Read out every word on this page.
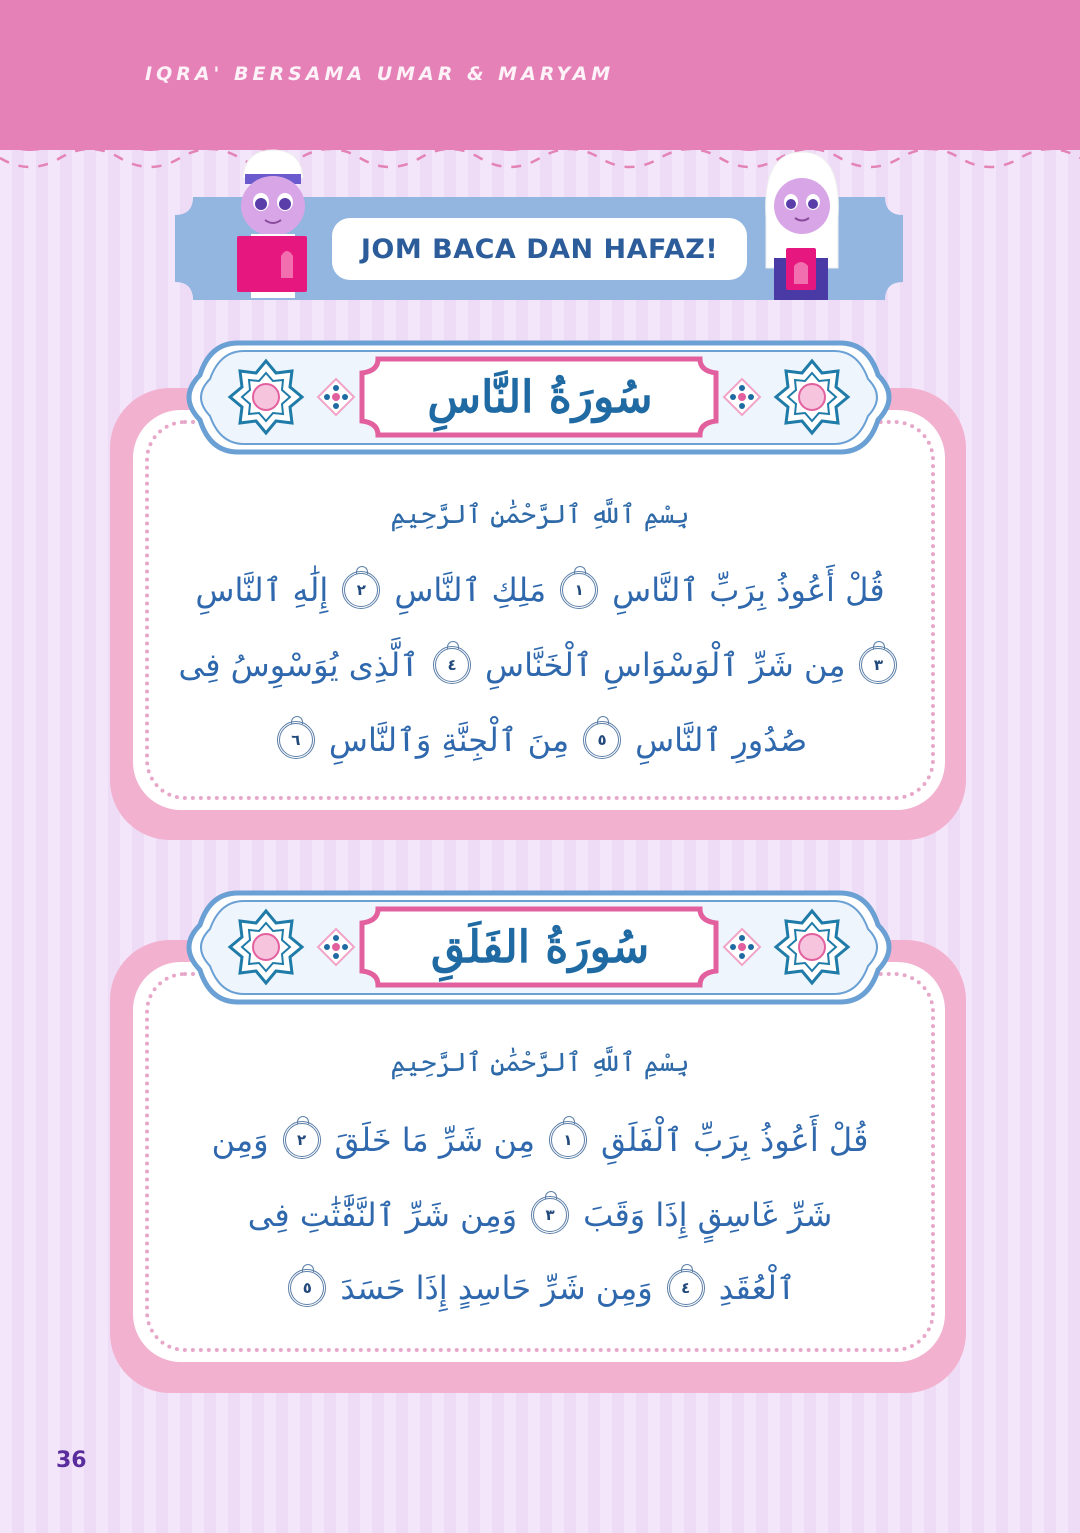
IQRA' BERSAMA UMAR & MARYAM
JOM BACA DAN HAFAZ!
سُورَةُ النَّاسِ
بِسْمِ ٱللَّهِ ٱلرَّحْمَٰنِ ٱلرَّحِيمِ
قُلْ أَعُوذُ بِرَبِّ ٱلنَّاسِ
١
مَلِكِ ٱلنَّاسِ
٢
إِلَٰهِ ٱلنَّاسِ
٣
مِن شَرِّ ٱلْوَسْوَاسِ ٱلْخَنَّاسِ
٤
ٱلَّذِى يُوَسْوِسُ فِى
صُدُورِ ٱلنَّاسِ
٥
مِنَ ٱلْجِنَّةِ وَٱلنَّاسِ
٦
سُورَةُ الفَلَقِ
بِسْمِ ٱللَّهِ ٱلرَّحْمَٰنِ ٱلرَّحِيمِ
قُلْ أَعُوذُ بِرَبِّ ٱلْفَلَقِ
١
مِن شَرِّ مَا خَلَقَ
٢
وَمِن
شَرِّ غَاسِقٍ إِذَا وَقَبَ
٣
وَمِن شَرِّ ٱلنَّفَّٰثَٰتِ فِى
ٱلْعُقَدِ
٤
وَمِن شَرِّ حَاسِدٍ إِذَا حَسَدَ
٥
36
